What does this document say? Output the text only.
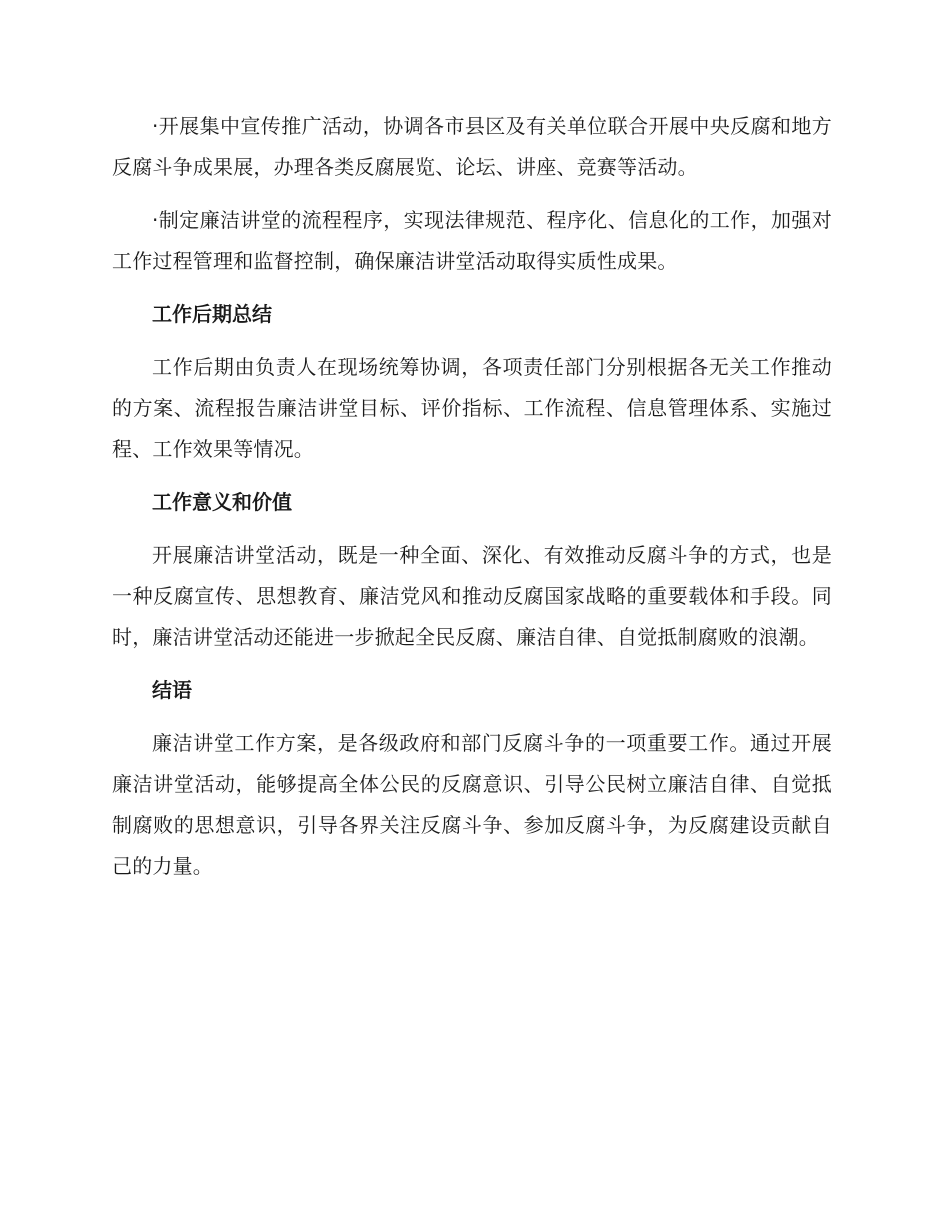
·开展集中宣传推广活动，协调各市县区及有关单位联合开展中央反腐和地方反腐斗争成果展，办理各类反腐展览、论坛、讲座、竞赛等活动。

·制定廉洁讲堂的流程程序，实现法律规范、程序化、信息化的工作，加强对工作过程管理和监督控制，确保廉洁讲堂活动取得实质性成果。

工作后期总结

工作后期由负责人在现场统筹协调，各项责任部门分别根据各无关工作推动的方案、流程报告廉洁讲堂目标、评价指标、工作流程、信息管理体系、实施过程、工作效果等情况。

工作意义和价值

开展廉洁讲堂活动，既是一种全面、深化、有效推动反腐斗争的方式，也是一种反腐宣传、思想教育、廉洁党风和推动反腐国家战略的重要载体和手段。同时，廉洁讲堂活动还能进一步掀起全民反腐、廉洁自律、自觉抵制腐败的浪潮。

结语

廉洁讲堂工作方案，是各级政府和部门反腐斗争的一项重要工作。通过开展廉洁讲堂活动，能够提高全体公民的反腐意识、引导公民树立廉洁自律、自觉抵制腐败的思想意识，引导各界关注反腐斗争、参加反腐斗争，为反腐建设贡献自己的力量。
